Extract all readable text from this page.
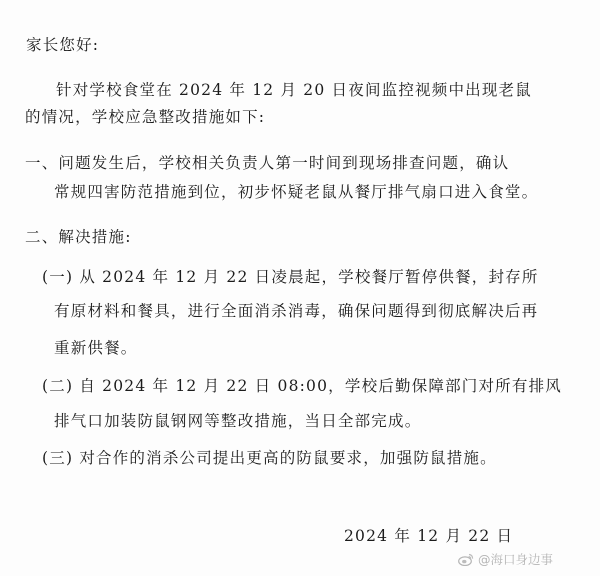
家长您好:
针对学校食堂在 2024 年 12 月 20 日夜间监控视频中出现老鼠
的情况，学校应急整改措施如下:
一、问题发生后，学校相关负责人第一时间到现场排查问题，确认
常规四害防范措施到位，初步怀疑老鼠从餐厅排气扇口进入食堂。
二、解决措施:
(一) 从 2024 年 12 月 22 日凌晨起，学校餐厅暂停供餐，封存所
有原材料和餐具，进行全面消杀消毒，确保问题得到彻底解决后再
重新供餐。
(二) 自 2024 年 12 月 22 日 08:00，学校后勤保障部门对所有排风
排气口加装防鼠钢网等整改措施，当日全部完成。
(三) 对合作的消杀公司提出更高的防鼠要求，加强防鼠措施。
2024 年 12 月 22 日
@海口身边事
